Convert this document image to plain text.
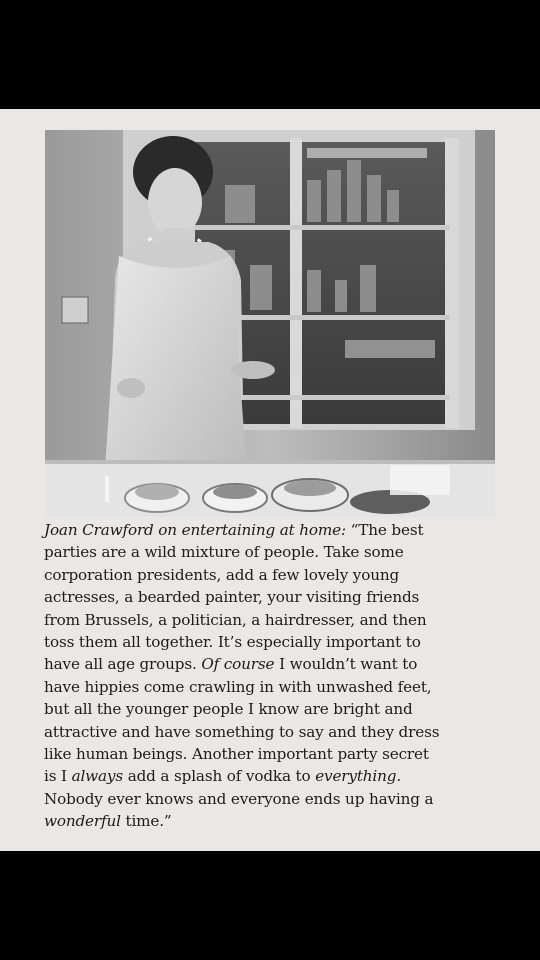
Joan Crawford on entertaining at home: “The best
parties are a wild mixture of people. Take some
corporation presidents, add a few lovely young
actresses, a bearded painter, your visiting friends
from Brussels, a politician, a hairdresser, and then
toss them all together. It’s especially important to
have all age groups. Of course I wouldn’t want to
have hippies come crawling in with unwashed feet,
but all the younger people I know are bright and
attractive and have something to say and they dress
like human beings. Another important party secret
is I always add a splash of vodka to everything.
Nobody ever knows and everyone ends up having a
wonderful time.”
